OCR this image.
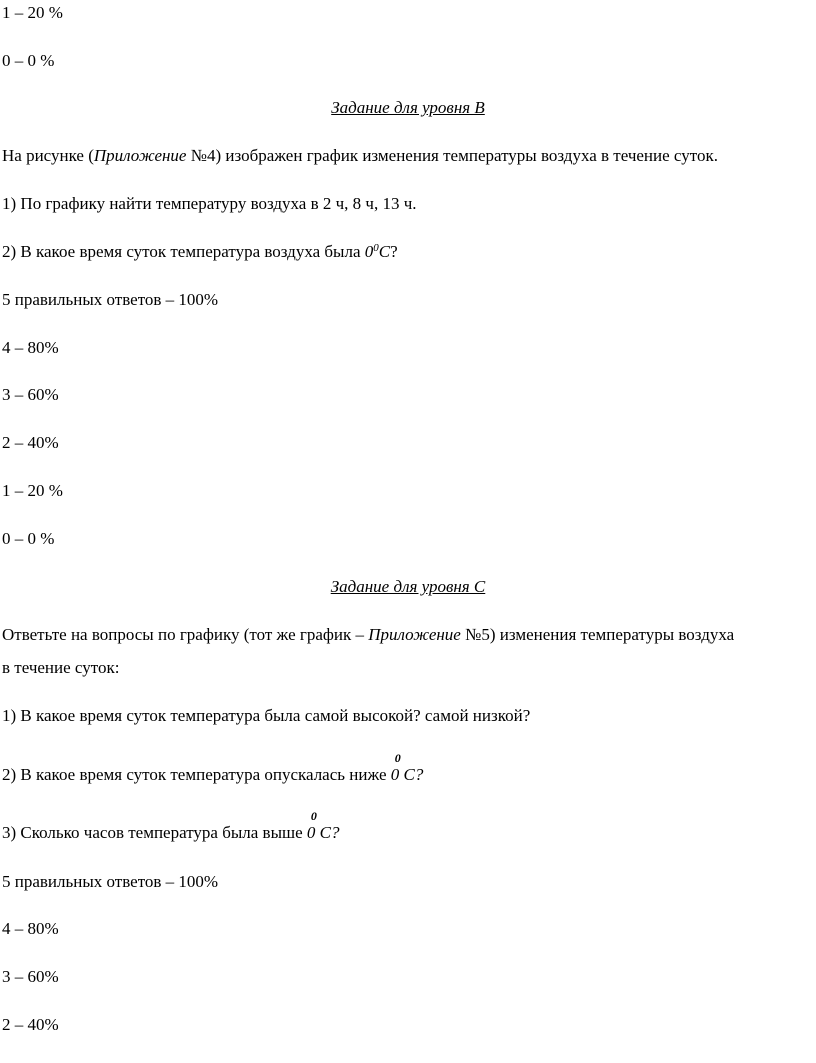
1 – 20 %
0 – 0 %
Задание для уровня В
На рисунке (Приложение №4) изображен график изменения температуры воздуха в течение суток.
1) По графику найти температуру воздуха в 2 ч, 8 ч, 13 ч.
2) В какое время суток температура воздуха была $0^0C$?
5 правильных ответов – 100%
4 – 80%
3 – 60%
2 – 40%
1 – 20 %
0 – 0 %
Задание для уровня С
Ответьте на вопросы по графику (тот же график – Приложение №5) изменения температуры воздуха
в течение суток:
1) В какое время суток температура была самой высокой? самой низкой?
2) В какое время суток температура опускалась ниже 0
0
C?
3) Сколько часов температура была выше 0
0
C?
5 правильных ответов – 100%
4 – 80%
3 – 60%
2 – 40%
